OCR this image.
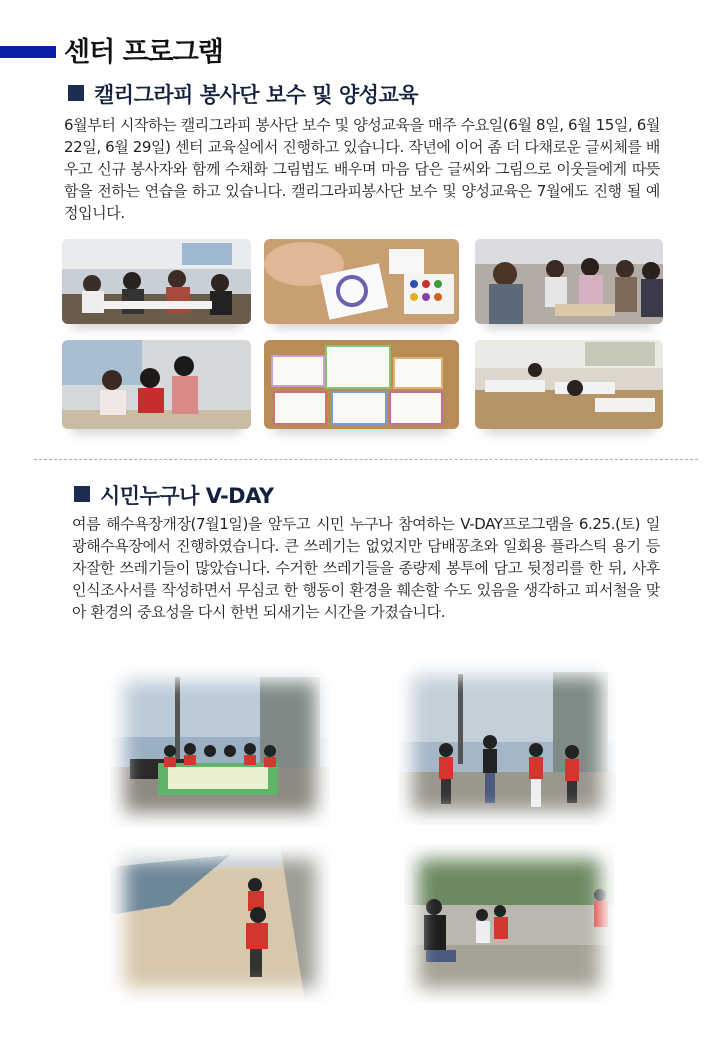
센터 프로그램
캘리그라피 봉사단 보수 및 양성교육
6월부터 시작하는 캘리그라피 봉사단 보수 및 양성교육을 매주 수요일(6월 8일, 6월 15일, 6월 22일, 6월 29일) 센터 교육실에서 진행하고 있습니다. 작년에 이어 좀 더 다채로운 글씨체를 배우고 신규 봉사자와 함께 수채화 그림법도 배우며 마음 담은 글씨와 그림으로 이웃들에게 따뜻함을 전하는 연습을 하고 있습니다. 캘리그라피봉사단 보수 및 양성교육은 7월에도 진행 될 예정입니다.
시민누구나 V-DAY
여름 해수욕장개장(7월1일)을 앞두고 시민 누구나 참여하는 V-DAY프로그램을 6.25.(토) 일광해수욕장에서 진행하였습니다. 큰 쓰레기는 없었지만 담배꽁초와 일회용 플라스틱 용기 등 자잘한 쓰레기들이 많았습니다. 수거한 쓰레기들을 종량제 봉투에 담고 뒷정리를 한 뒤, 사후인식조사서를 작성하면서 무심코 한 행동이 환경을 훼손할 수도 있음을 생각하고 피서철을 맞아 환경의 중요성을 다시 한번 되새기는 시간을 가졌습니다.
